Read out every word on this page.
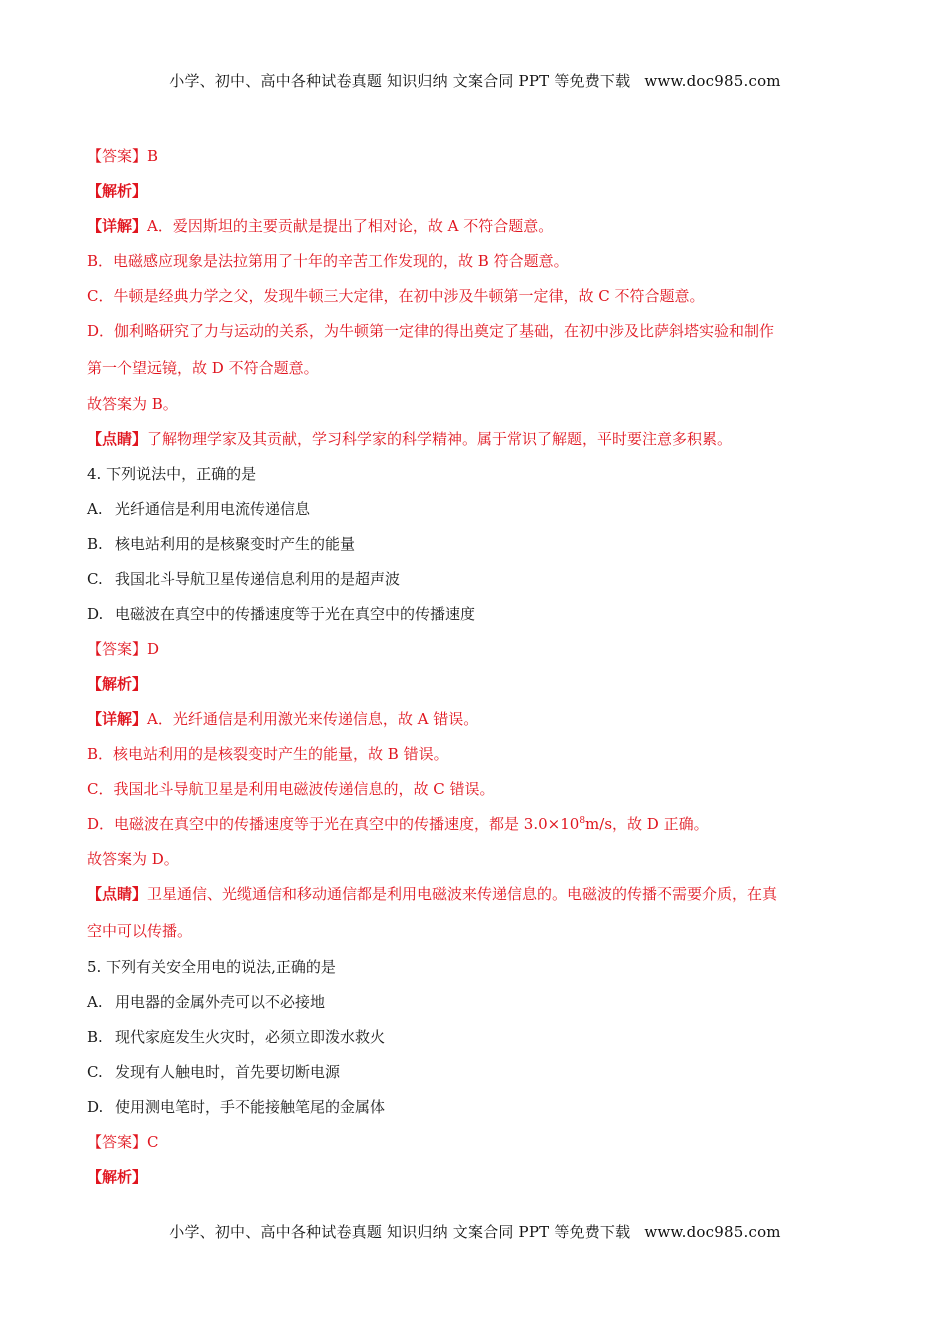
小学、初中、高中各种试卷真题 知识归纳 文案合同 PPT 等免费下载 www.doc985.com
【答案】B
【解析】
【详解】A．爱因斯坦的主要贡献是提出了相对论，故 A 不符合题意。
B．电磁感应现象是法拉第用了十年的辛苦工作发现的，故 B 符合题意。
C．牛顿是经典力学之父，发现牛顿三大定律，在初中涉及牛顿第一定律，故 C 不符合题意。
D．伽利略研究了力与运动的关系，为牛顿第一定律的得出奠定了基础，在初中涉及比萨斜塔实验和制作
第一个望远镜，故 D 不符合题意。
故答案为 B。
【点睛】了解物理学家及其贡献，学习科学家的科学精神。属于常识了解题，平时要注意多积累。
4. 下列说法中，正确的是
A. 光纤通信是利用电流传递信息
B. 核电站利用的是核聚变时产生的能量
C. 我国北斗导航卫星传递信息利用的是超声波
D. 电磁波在真空中的传播速度等于光在真空中的传播速度
【答案】D
【解析】
【详解】A．光纤通信是利用激光来传递信息，故 A 错误。
B．核电站利用的是核裂变时产生的能量，故 B 错误。
C．我国北斗导航卫星是利用电磁波传递信息的，故 C 错误。
D．电磁波在真空中的传播速度等于光在真空中的传播速度，都是 $3.0\times 10^8m/s$，故 D 正确。
故答案为 D。
【点睛】卫星通信、光缆通信和移动通信都是利用电磁波来传递信息的。电磁波的传播不需要介质，在真
空中可以传播。
5. 下列有关安全用电的说法,正确的是
A. 用电器的金属外壳可以不必接地
B. 现代家庭发生火灾时，必须立即泼水救火
C. 发现有人触电时，首先要切断电源
D. 使用测电笔时，手不能接触笔尾的金属体
【答案】C
【解析】
小学、初中、高中各种试卷真题 知识归纳 文案合同 PPT 等免费下载 www.doc985.com
